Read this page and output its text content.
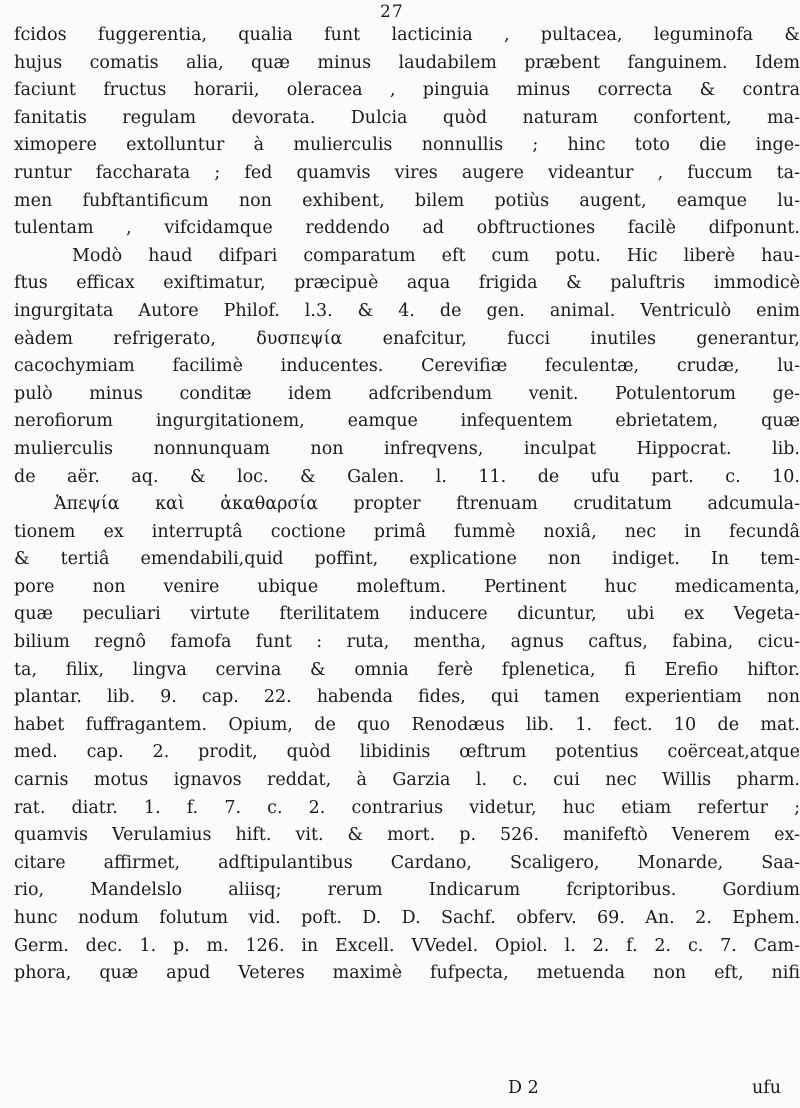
27
fcidos fuggerentia, qualia funt lacticinia , pultacea, leguminofa &
hujus comatis alia, quæ minus laudabilem præbent fanguinem. Idem
faciunt fructus horarii, oleracea , pinguia minus correcta & contra
fanitatis regulam devorata. Dulcia quòd naturam confortent, ma-
ximopere extolluntur à mulierculis nonnullis ; hinc toto die inge-
runtur faccharata ; fed quamvis vires augere videantur , fuccum ta-
men fubftantificum non exhibent, bilem potiùs augent, eamque lu-
tulentam , vifcidamque reddendo ad obftructiones facilè difponunt.
Modò haud difpari comparatum eft cum potu. Hic liberè hau-
ftus efficax exiftimatur, præcipuè aqua frigida & paluftris immodicè
ingurgitata Autore Philof. l.3. & 4. de gen. animal. Ventriculò enim
eàdem refrigerato, δυσπεψία enafcitur, fucci inutiles generantur,
cacochymiam facilimè inducentes. Cerevifiæ feculentæ, crudæ, lu-
pulò minus conditæ idem adfcribendum venit. Potulentorum ge-
nerofiorum ingurgitationem, eamque infequentem ebrietatem, quæ
mulierculis nonnunquam non infreqvens, inculpat Hippocrat. lib.
de aër. aq. & loc. & Galen. l. 11. de ufu part. c. 10.
Ἀπεψία καὶ ἀκαθαρσία propter ftrenuam cruditatum adcumula-
tionem ex interruptâ coctione primâ fummè noxiâ, nec in fecundâ
& tertiâ emendabili,quid poffint, explicatione non indiget. In tem-
pore non venire ubique moleftum. Pertinent huc medicamenta,
quæ peculiari virtute fterilitatem inducere dicuntur, ubi ex Vegeta-
bilium regnô famofa funt : ruta, mentha, agnus caftus, fabina, cicu-
ta, filix, lingva cervina & omnia ferè fplenetica, fi Erefio hiftor.
plantar. lib. 9. cap. 22. habenda fides, qui tamen experientiam non
habet fuffragantem. Opium, de quo Renodæus lib. 1. fect. 10 de mat.
med. cap. 2. prodit, quòd libidinis œftrum potentius coërceat,atque
carnis motus ignavos reddat, à Garzia l. c. cui nec Willis pharm.
rat. diatr. 1. f. 7. c. 2. contrarius videtur, huc etiam refertur ;
quamvis Verulamius hift. vit. & mort. p. 526. manifeftò Venerem ex-
citare affirmet, adftipulantibus Cardano, Scaligero, Monarde, Saa-
rio, Mandelslo aliisq; rerum Indicarum fcriptoribus. Gordium
hunc nodum folutum vid. poft. D. D. Sachf. obferv. 69. An. 2. Ephem.
Germ. dec. 1. p. m. 126. in Excell. VVedel. Opiol. l. 2. f. 2. c. 7. Cam-
phora, quæ apud Veteres maximè fufpecta, metuenda non eft, nifi
D 2	ufu
